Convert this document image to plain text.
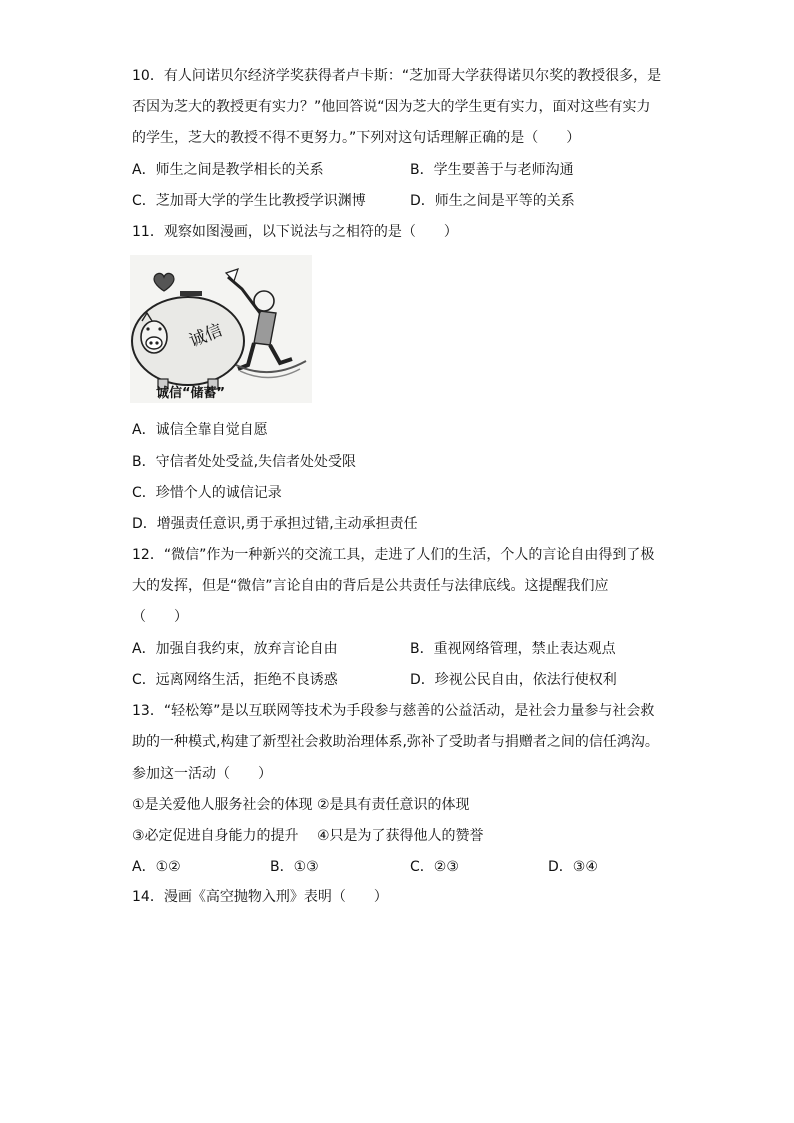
10．有人问诺贝尔经济学奖获得者卢卡斯：“芝加哥大学获得诺贝尔奖的教授很多，是
否因为芝大的教授更有实力？”他回答说“因为芝大的学生更有实力，面对这些有实力
的学生，芝大的教授不得不更努力。”下列对这句话理解正确的是（　　）
A．师生之间是教学相长的关系	B．学生要善于与老师沟通
C．芝加哥大学的学生比教授学识渊博	D．师生之间是平等的关系
11．观察如图漫画，以下说法与之相符的是（　　）
诚信
诚信“储蓄”
A．诚信全靠自觉自愿
B．守信者处处受益,失信者处处受限
C．珍惜个人的诚信记录
D．增强责任意识,勇于承担过错,主动承担责任
12．“微信”作为一种新兴的交流工具，走进了人们的生活，个人的言论自由得到了极
大的发挥，但是“微信”言论自由的背后是公共责任与法律底线。这提醒我们应
（　　）
A．加强自我约束，放弃言论自由	B．重视网络管理，禁止表达观点
C．远离网络生活，拒绝不良诱惑	D．珍视公民自由，依法行使权利
13．“轻松筹”是以互联网等技术为手段参与慈善的公益活动，是社会力量参与社会救
助的一种模式,构建了新型社会救助治理体系,弥补了受助者与捐赠者之间的信任鸿沟。
参加这一活动（　　）
①是关爱他人服务社会的体现 ②是具有责任意识的体现
③必定促进自身能力的提升　 ④只是为了获得他人的赞誉
A．①②	B．①③	C．②③	D．③④
14．漫画《高空抛物入刑》表明（　　）
